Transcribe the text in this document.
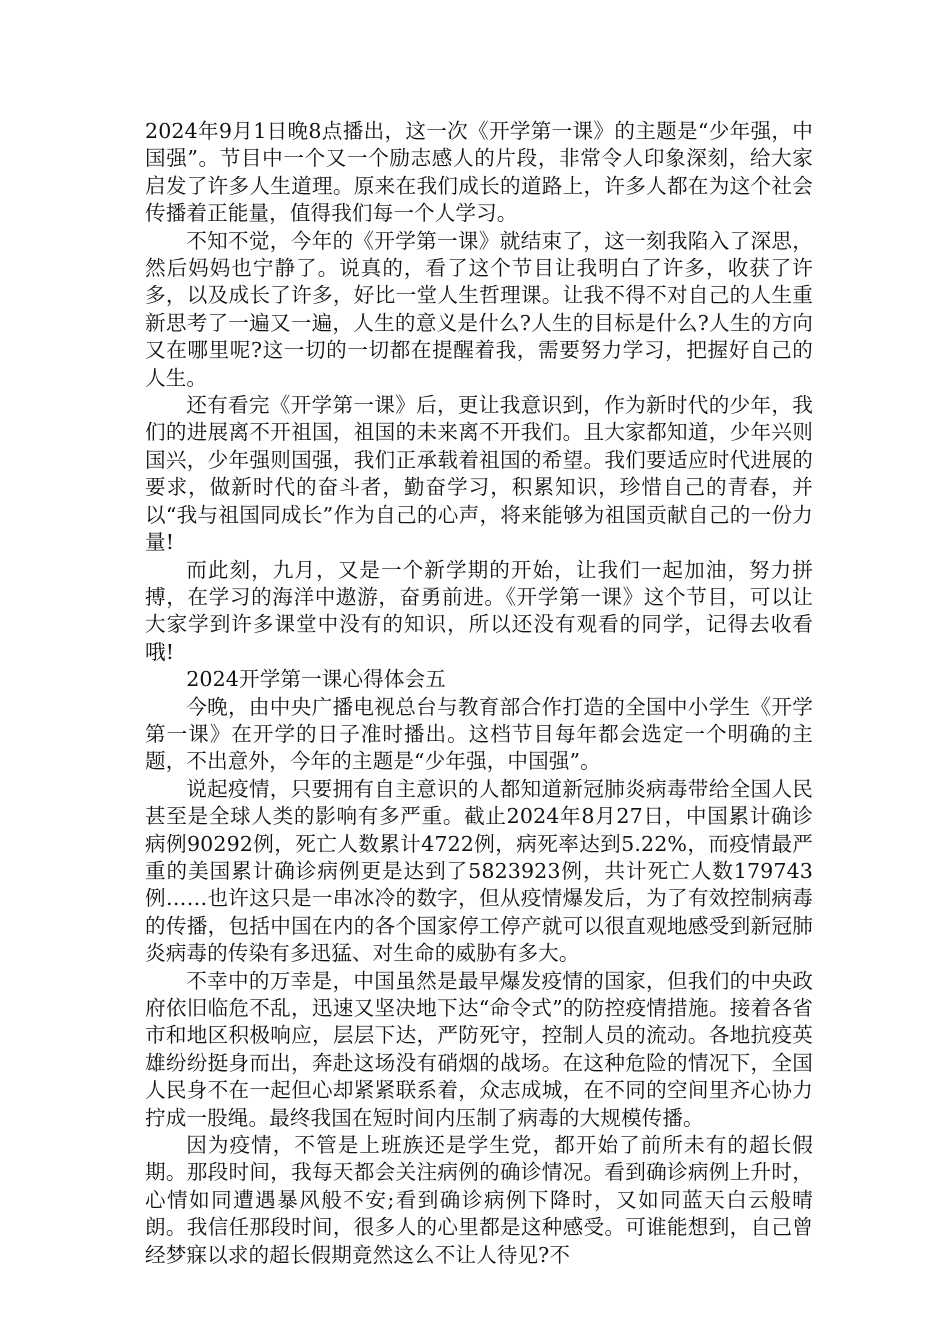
2024年9月1日晚8点播出，这一次《开学第一课》的主题是“少年强，中国强”。节目中一个又一个励志感人的片段，非常令人印象深刻，给大家启发了许多人生道理。原来在我们成长的道路上，许多人都在为这个社会传播着正能量，值得我们每一个人学习。

不知不觉，今年的《开学第一课》就结束了，这一刻我陷入了深思，然后妈妈也宁静了。说真的，看了这个节目让我明白了许多，收获了许多，以及成长了许多，好比一堂人生哲理课。让我不得不对自己的人生重新思考了一遍又一遍，人生的意义是什么?人生的目标是什么?人生的方向又在哪里呢?这一切的一切都在提醒着我，需要努力学习，把握好自己的人生。

还有看完《开学第一课》后，更让我意识到，作为新时代的少年，我们的进展离不开祖国，祖国的未来离不开我们。且大家都知道，少年兴则国兴，少年强则国强，我们正承载着祖国的希望。我们要适应时代进展的要求，做新时代的奋斗者，勤奋学习，积累知识，珍惜自己的青春，并以“我与祖国同成长”作为自己的心声，将来能够为祖国贡献自己的一份力量!

而此刻，九月，又是一个新学期的开始，让我们一起加油，努力拼搏，在学习的海洋中遨游，奋勇前进。《开学第一课》这个节目，可以让大家学到许多课堂中没有的知识，所以还没有观看的同学，记得去收看哦!

2024开学第一课心得体会五

今晚，由中央广播电视总台与教育部合作打造的全国中小学生《开学第一课》在开学的日子准时播出。这档节目每年都会选定一个明确的主题，不出意外，今年的主题是“少年强，中国强”。

说起疫情，只要拥有自主意识的人都知道新冠肺炎病毒带给全国人民甚至是全球人类的影响有多严重。截止2024年8月27日，中国累计确诊病例90292例，死亡人数累计4722例，病死率达到5.22%，而疫情最严重的美国累计确诊病例更是达到了5823923例，共计死亡人数179743例……也许这只是一串冰冷的数字，但从疫情爆发后，为了有效控制病毒的传播，包括中国在内的各个国家停工停产就可以很直观地感受到新冠肺炎病毒的传染有多迅猛、对生命的威胁有多大。

不幸中的万幸是，中国虽然是最早爆发疫情的国家，但我们的中央政府依旧临危不乱，迅速又坚决地下达“命令式”的防控疫情措施。接着各省市和地区积极响应，层层下达，严防死守，控制人员的流动。各地抗疫英雄纷纷挺身而出，奔赴这场没有硝烟的战场。在这种危险的情况下，全国人民身不在一起但心却紧紧联系着，众志成城，在不同的空间里齐心协力拧成一股绳。最终我国在短时间内压制了病毒的大规模传播。

因为疫情，不管是上班族还是学生党，都开始了前所未有的超长假期。那段时间，我每天都会关注病例的确诊情况。看到确诊病例上升时，心情如同遭遇暴风般不安;看到确诊病例下降时，又如同蓝天白云般晴朗。我信任那段时间，很多人的心里都是这种感受。可谁能想到，自己曾经梦寐以求的超长假期竟然这么不让人待见?不
